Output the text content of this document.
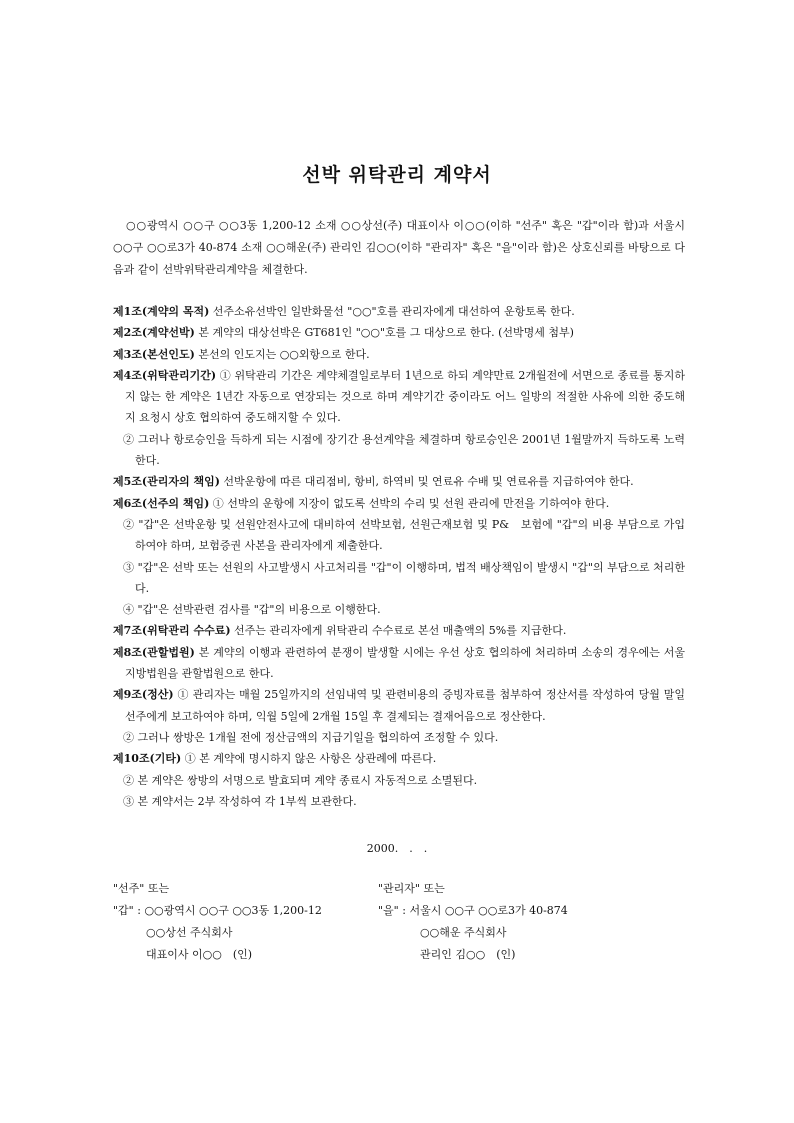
선박 위탁관리 계약서
○○광역시 ○○구 ○○3동 1,200-12 소재 ○○상선(주) 대표이사 이○○(이하 "선주" 혹은 "갑"이라 함)과 서울시 ○○구 ○○로3가 40-874 소재 ○○해운(주) 관리인 김○○(이하 "관리자" 혹은 "을"이라 함)은 상호신뢰를 바탕으로 다음과 같이 선박위탁관리계약을 체결한다.

제1조(계약의 목적) 선주소유선박인 일반화물선 "○○"호를 관리자에게 대선하여 운항토록 한다.

제2조(계약선박) 본 계약의 대상선박은 GT681인 "○○"호를 그 대상으로 한다. (선박명세 첨부)

제3조(본선인도) 본선의 인도지는 ○○외항으로 한다.

제4조(위탁관리기간) ① 위탁관리 기간은 계약체결일로부터 1년으로 하되 계약만료 2개월전에 서면으로 종료를 통지하지 않는 한 계약은 1년간 자동으로 연장되는 것으로 하며 계약기간 중이라도 어느 일방의 적절한 사유에 의한 중도해지 요청시 상호 협의하여 중도해지할 수 있다.

② 그러나 항로승인을 득하게 되는 시점에 장기간 용선계약을 체결하며 항로승인은 2001년 1월말까지 득하도록 노력한다.

제5조(관리자의 책임) 선박운항에 따른 대리점비, 항비, 하역비 및 연료유 수배 및 연료유를 지급하여야 한다.

제6조(선주의 책임) ① 선박의 운항에 지장이 없도록 선박의 수리 및 선원 관리에 만전을 기하여야 한다.

② "갑"은 선박운항 및 선원안전사고에 대비하여 선박보험, 선원근재보험 및 P&　보험에 "갑"의 비용 부담으로 가입하여야 하며, 보험증권 사본을 관리자에게 제출한다.

③ "갑"은 선박 또는 선원의 사고발생시 사고처리를 "갑"이 이행하며, 법적 배상책임이 발생시 "갑"의 부담으로 처리한다.

④ "갑"은 선박관련 검사를 "갑"의 비용으로 이행한다.

제7조(위탁관리 수수료) 선주는 관리자에게 위탁관리 수수료로 본선 매출액의 5%를 지급한다.

제8조(관할법원) 본 계약의 이행과 관련하여 분쟁이 발생할 시에는 우선 상호 협의하에 처리하며 소송의 경우에는 서울지방법원을 관할법원으로 한다.

제9조(정산) ① 관리자는 매월 25일까지의 선임내역 및 관련비용의 증빙자료를 첨부하여 정산서를 작성하여 당월 말일 선주에게 보고하여야 하며, 익월 5일에 2개월 15일 후 결제되는 결재어음으로 정산한다.

② 그러나 쌍방은 1개월 전에 정산금액의 지급기일을 협의하여 조정할 수 있다.

제10조(기타) ① 본 계약에 명시하지 않은 사항은 상관례에 따른다.

② 본 계약은 쌍방의 서명으로 발효되며 계약 종료시 자동적으로 소멸된다.

③ 본 계약서는 2부 작성하여 각 1부씩 보관한다.

2000.　.　.
"선주" 또는
"갑" : ○○광역시 ○○구 ○○3동 1,200-12
○○상선 주식회사
대표이사 이○○　(인)
"관리자" 또는
"을" : 서울시 ○○구 ○○로3가 40-874
○○해운 주식회사
관리인 김○○　(인)
